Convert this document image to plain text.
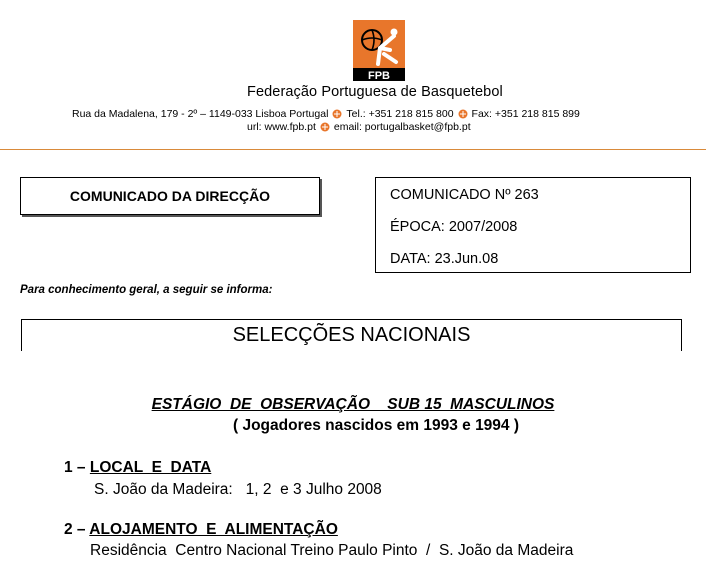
FPB
Federação Portuguesa de Basquetebol
Rua da Madalena, 179 - 2º – 1149-033 Lisboa Portugal Tel.: +351 218 815 800 Fax: +351 218 815 899
url: www.fpb.pt email: portugalbasket@fpb.pt
COMUNICADO DA DIRECÇÃO	COMUNICADO Nº 263
ÉPOCA: 2007/2008
DATA: 23.Jun.08
Para conhecimento geral, a seguir se informa:
SELECÇÕES NACIONAIS
ESTÁGIO  DE  OBSERVAÇÃO    SUB 15  MASCULINOS
( Jogadores nascidos em 1993 e 1994 )
1 – LOCAL  E  DATA
S. João da Madeira:   1, 2  e 3 Julho 2008
2 – ALOJAMENTO  E  ALIMENTAÇÃO
Residência  Centro Nacional Treino Paulo Pinto  /  S. João da Madeira
